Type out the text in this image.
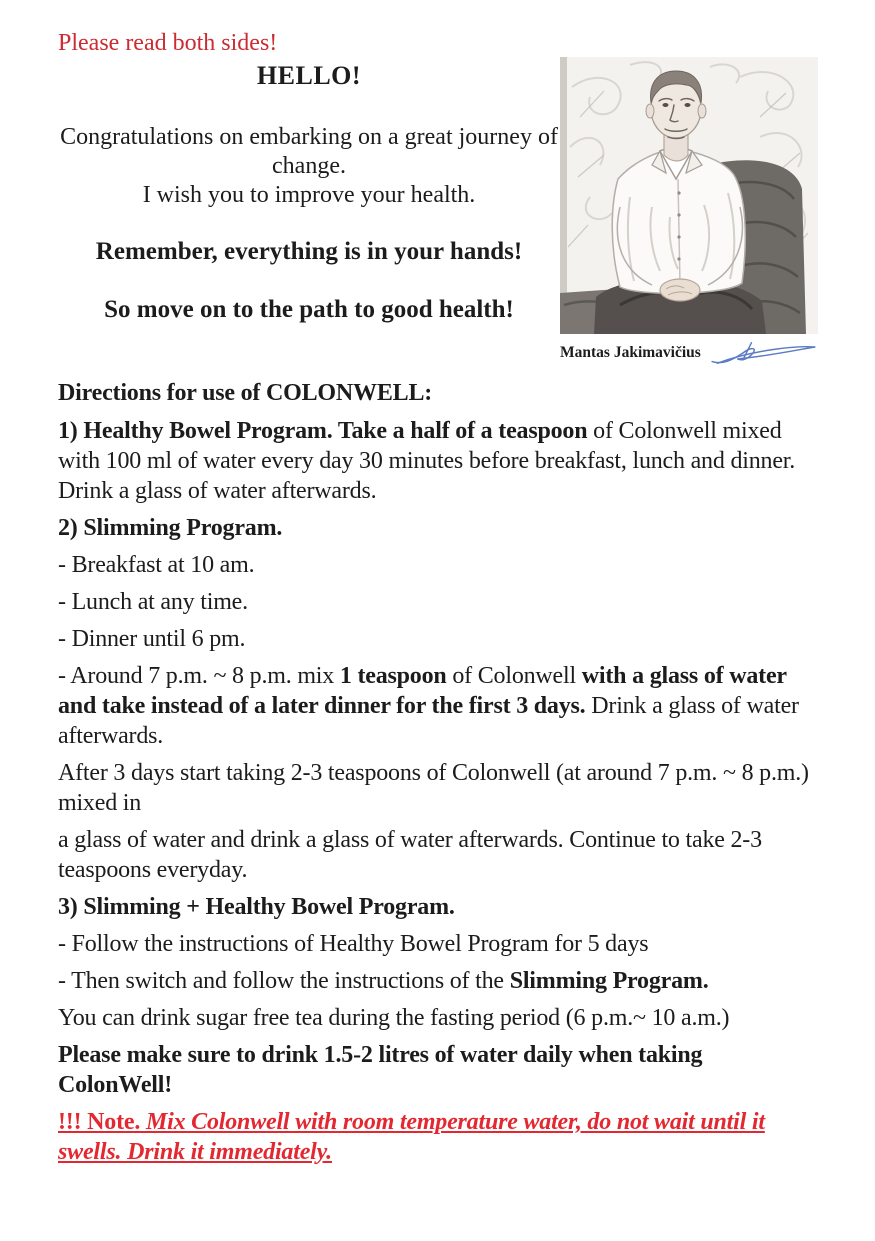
Please read both sides!
HELLO!
Congratulations on embarking on a great journey of change.
I wish you to improve your health.
Remember, everything is in your hands!
So move on to the path to good health!
Mantas Jakimavičius

Directions for use of COLONWELL:

1) Healthy Bowel Program. Take a half of a teaspoon of Colonwell mixed with 100 ml of water every day 30 minutes before breakfast, lunch and dinner. Drink a glass of water afterwards.

2) Slimming Program.

- Breakfast at 10 am.

- Lunch at any time.

- Dinner until 6 pm.

- Around 7 p.m. ~ 8 p.m. mix 1 teaspoon of Colonwell with a glass of water and take instead of a later dinner for the first 3 days. Drink a glass of water afterwards.

After 3 days start taking 2-3 teaspoons of Colonwell (at around 7 p.m. ~ 8 p.m.) mixed in

a glass of water and drink a glass of water afterwards. Continue to take 2-3 teaspoons everyday.

3) Slimming + Healthy Bowel Program.

- Follow the instructions of Healthy Bowel Program for 5 days

- Then switch and follow the instructions of the Slimming Program.

You can drink sugar free tea during the fasting period (6 p.m.~ 10 a.m.)

Please make sure to drink 1.5-2 litres of water daily when taking ColonWell!

!!! Note. Mix Colonwell with room temperature water, do not wait until it swells. Drink it immediately.
